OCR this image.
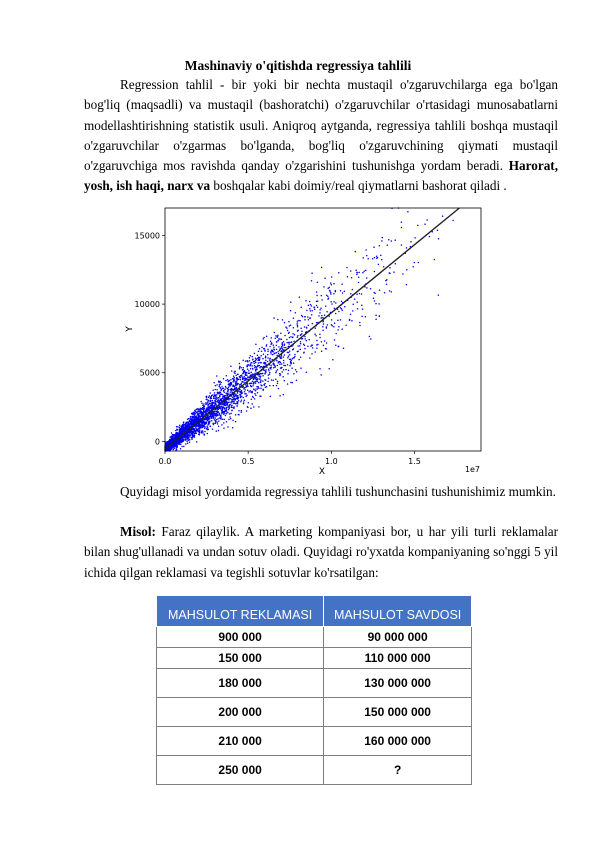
Mashinaviy o'qitishda regressiya tahlili

Regression tahlil - bir yoki bir nechta mustaqil o'zgaruvchilarga ega bo'lgan bog'liq (maqsadli) va mustaqil (bashoratchi) o'zgaruvchilar o'rtasidagi munosabatlarni modellashtirishning statistik usuli. Aniqroq aytganda, regressiya tahlili boshqa mustaqil o'zgaruvchilar o'zgarmas bo'lganda, bog'liq o'zgaruvchining qiymati mustaqil o'zgaruvchiga mos ravishda qanday o'zgarishini tushunishga yordam beradi. Harorat, yosh, ish haqi, narx va boshqalar kabi doimiy/real qiymatlarni bashorat qiladi .

0.0	0.5	1.0	1.5
0
5000
10000
15000
X
Y
1e7

Quyidagi misol yordamida regressiya tahlili tushunchasini tushunishimiz mumkin.

Misol: Faraz qilaylik. A marketing kompaniyasi bor, u har yili turli reklamalar bilan shug'ullanadi va undan sotuv oladi. Quyidagi ro'yxatda kompaniyaning so'nggi 5 yil ichida qilgan reklamasi va tegishli sotuvlar ko'rsatilgan:

MAHSULOT REKLAMASI	MAHSULOT SAVDOSI
900 000	90 000 000
150 000	110 000 000
180 000	130 000 000
200 000	150 000 000
210 000	160 000 000
250 000	?
